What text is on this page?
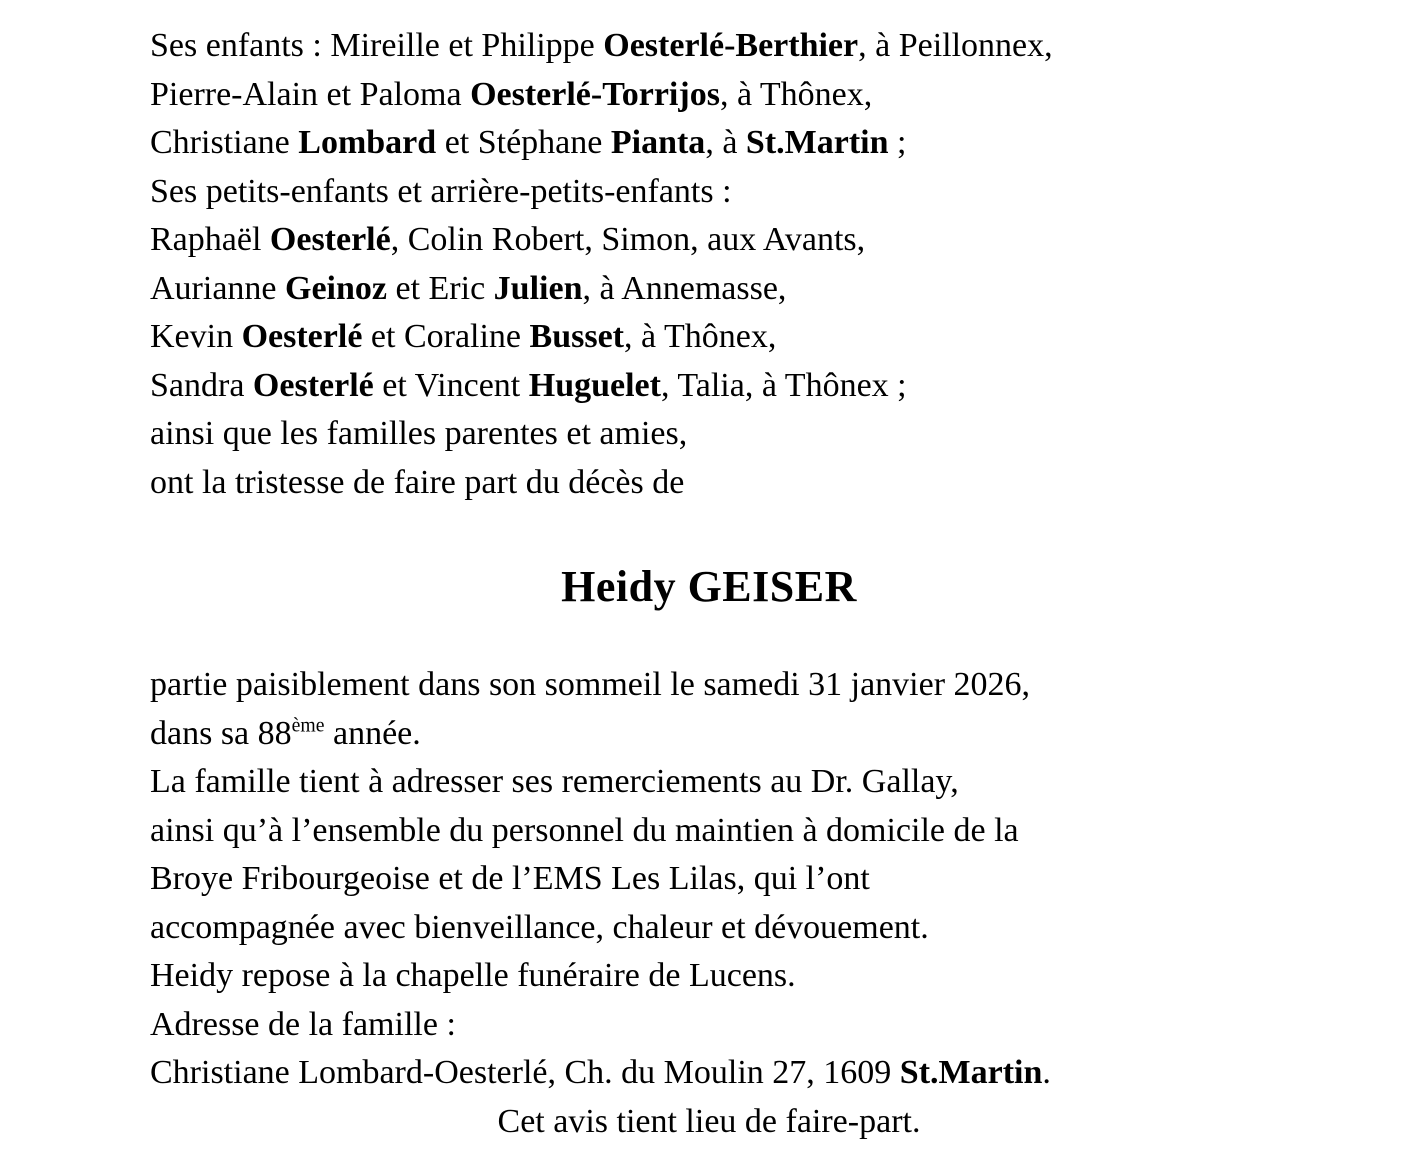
Ses enfants : Mireille et Philippe Oesterlé-Berthier, à Peillonnex,

Pierre-Alain et Paloma Oesterlé-Torrijos, à Thônex,

Christiane Lombard et Stéphane Pianta, à St.Martin ;

Ses petits-enfants et arrière-petits-enfants :

Raphaël Oesterlé, Colin Robert, Simon, aux Avants,

Aurianne Geinoz et Eric Julien, à Annemasse,

Kevin Oesterlé et Coraline Busset, à Thônex,

Sandra Oesterlé et Vincent Huguelet, Talia, à Thônex ;

ainsi que les familles parentes et amies,

ont la tristesse de faire part du décès de

Heidy GEISER

partie paisiblement dans son sommeil le samedi 31 janvier 2026,

dans sa 88ème année.

La famille tient à adresser ses remerciements au Dr. Gallay,

ainsi qu’à l’ensemble du personnel du maintien à domicile de la

Broye Fribourgeoise et de l’EMS Les Lilas, qui l’ont

accompagnée avec bienveillance, chaleur et dévouement.

Heidy repose à la chapelle funéraire de Lucens.

Adresse de la famille :

Christiane Lombard-Oesterlé, Ch. du Moulin 27, 1609 St.Martin.

Cet avis tient lieu de faire-part.
